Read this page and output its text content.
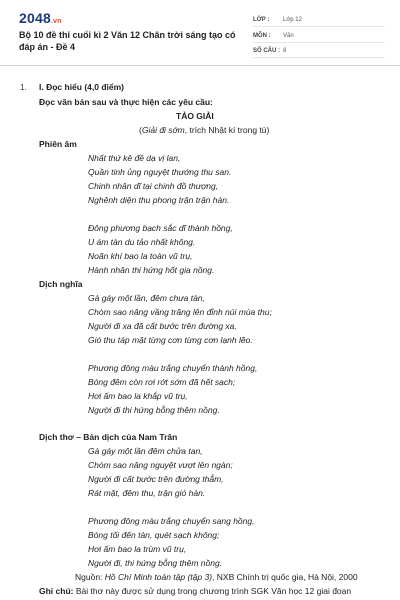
2048.vn
Bộ 10 đề thi cuối kì 2 Văn 12 Chân trời sáng tạo có đáp án - Đề 4
LỚP : Lớp 12
MÔN : Văn
SỐ CÂU : 8
1. I. Đọc hiểu (4,0 điểm)
Đọc văn bản sau và thực hiện các yêu cầu:
TẢO GIẢI
(Giải đi sớm, trích Nhật kí trong tù)
Phiên âm
Nhất thứ kê đề dạ vị lan,
Quần tinh ủng nguyệt thướng thu san.
Chinh nhân dĩ tại chinh đồ thượng,
Nghênh diện thu phong trận trận hàn.
Đông phương bạch sắc dĩ thành hồng,
U ám tàn du tảo nhất không.
Noãn khí bao la toàn vũ trụ,
Hành nhân thi hứng hốt gia nồng.
Dịch nghĩa
Gà gáy một lần, đêm chưa tàn,
Chòm sao nâng vầng trăng lên đỉnh núi mùa thu;
Người đi xa đã cất bước trên đường xa,
Gió thu táp mặt từng cơn từng cơn lạnh lẽo.
Phương đông màu trắng chuyển thành hồng,
Bóng đêm còn rơi rớt sớm đã hết sạch;
Hơi ấm bao la khắp vũ trụ,
Người đi thi hứng bỗng thêm nồng.
Dịch thơ – Bản dịch của Nam Trân
Gà gáy một lần đêm chửa tan,
Chòm sao nâng nguyệt vượt lên ngàn;
Người đi cất bước trên đường thẳm,
Rát mặt, đêm thu, trận gió hàn.
Phương đông màu trắng chuyển sang hồng,
Bóng tối đến tàn, quét sạch không;
Hơi ấm bao la trùm vũ trụ,
Người đi, thi hứng bỗng thêm nồng.
Nguồn: Hồ Chí Minh toàn tập (tập 3), NXB Chính trị quốc gia, Hà Nội, 2000
Ghi chú: Bài thơ này được sử dụng trong chương trình SGK Văn học 12 giai đoạn
